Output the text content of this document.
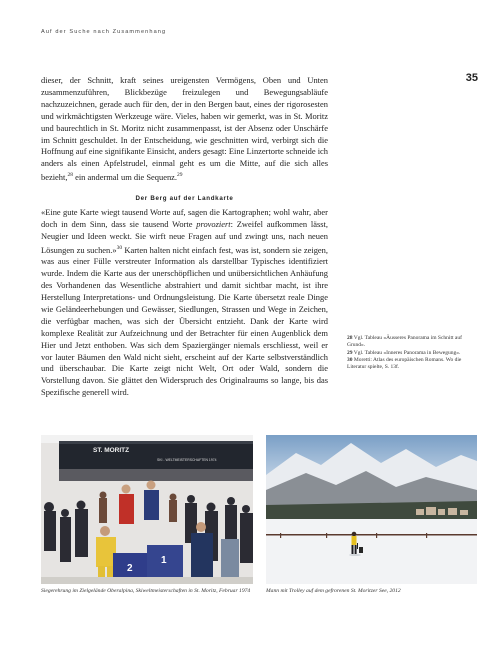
Auf der Suche nach Zusammenhang
35

dieser, der Schnitt, kraft seines ureigensten Vermögens, Oben und Unten zusammenzuführen, Blickbezüge freizulegen und Bewegungsabläufe nachzuzeichnen, gerade auch für den, der in den Bergen baut, eines der rigorosesten und wirkmächtigsten Werkzeuge wäre. Vieles, haben wir gemerkt, was in St. Moritz und baurechtlich in St. Moritz nicht zusammenpasst, ist der Absenz oder Unschärfe im Schnitt geschuldet. In der Entscheidung, wie geschnitten wird, verbirgt sich die Hoffnung auf eine signifikante Einsicht, anders gesagt: Eine Linzertorte schneide ich anders als einen Apfelstrudel, einmal geht es um die Mitte, auf die sich alles bezieht,$^{28}$ ein andermal um die Sequenz.$^{29}$

Der Berg auf der Landkarte

«Eine gute Karte wiegt tausend Worte auf, sagen die Kartographen; wohl wahr, aber doch in dem Sinn, dass sie tausend Worte provoziert: Zweifel aufkommen lässt, Neugier und Ideen weckt. Sie wirft neue Fragen auf und zwingt uns, nach neuen Lösungen zu suchen.»$^{30}$ Karten halten nicht einfach fest, was ist, sondern sie zeigen, was aus einer Fülle verstreuter Information als darstellbar Typisches identifiziert wurde. Indem die Karte aus der unerschöpflichen und unübersichtlichen Anhäufung des Vorhandenen das Wesentliche abstrahiert und damit sichtbar macht, ist ihre Herstellung Interpretations- und Ordnungsleistung. Die Karte übersetzt reale Dinge wie Geländeerhebungen und Gewässer, Siedlungen, Strassen und Wege in Zeichen, die verfügbar machen, was sich der Übersicht entzieht. Dank der Karte wird komplexe Realität zur Aufzeichnung und der Betrachter für einen Augenblick dem Hier und Jetzt enthoben. Was sich dem Spaziergänger niemals erschliesst, weil er vor lauter Bäumen den Wald nicht sieht, erscheint auf der Karte selbstverständlich und überschaubar. Die Karte zeigt nicht Welt, Ort oder Wald, sondern die Vorstellung davon. Sie glättet den Widerspruch des Originalraums so lange, bis das Spezifische generell wird.

28 Vgl. Tableau «Äusseres Panorama im Schnitt auf Grund».
29 Vgl. Tableau «Inneres Panorama in Bewegung».
30 Moretti: Atlas des europäischen Romans. Wo die Literatur spielte, S. 13f.
ST. MORITZ
SKI - WELTMEISTERSCHAFTEN 1974
2
1
Siegerehrung im Zielgelände Oberalpina, Skiweltmeisterschaften in St. Moritz, Februar 1974	Mann mit Trolley auf dem gefrorenen St. Moritzer See, 2012
